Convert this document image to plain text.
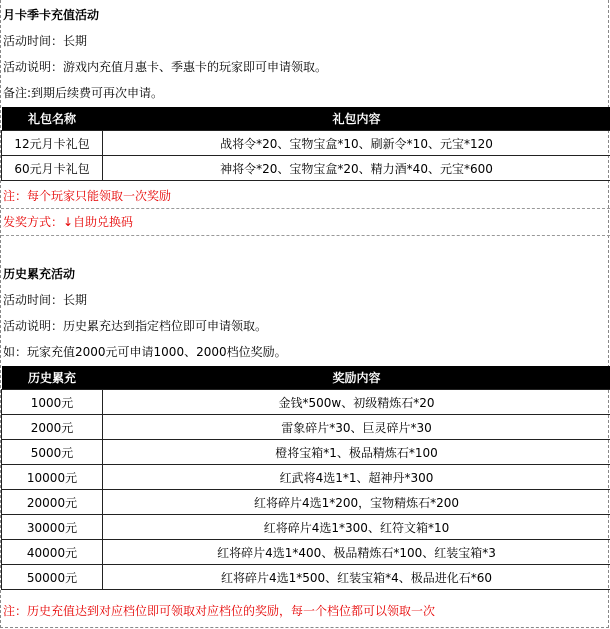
月卡季卡充值活动
活动时间：长期
活动说明：游戏内充值月惠卡、季惠卡的玩家即可申请领取。
备注:到期后续费可再次申请。
礼包名称	礼包内容
12元月卡礼包	战将令*20、宝物宝盒*10、刷新令*10、元宝*120
60元月卡礼包	神将令*20、宝物宝盒*20、精力酒*40、元宝*600
注：每个玩家只能领取一次奖励
发奖方式：↓自助兑换码
历史累充活动
活动时间：长期
活动说明：历史累充达到指定档位即可申请领取。
如：玩家充值2000元可申请1000、2000档位奖励。
历史累充	奖励内容
1000元	金钱*500w、初级精炼石*20
2000元	雷象碎片*30、巨灵碎片*30
5000元	橙将宝箱*1、极品精炼石*100
10000元	红武将4选1*1、超神丹*300
20000元	红将碎片4选1*200，宝物精炼石*200
30000元	红将碎片4选1*300、红符文箱*10
40000元	红将碎片4选1*400、极品精炼石*100、红装宝箱*3
50000元	红将碎片4选1*500、红装宝箱*4、极品进化石*60
注：历史充值达到对应档位即可领取对应档位的奖励，每一个档位都可以领取一次
